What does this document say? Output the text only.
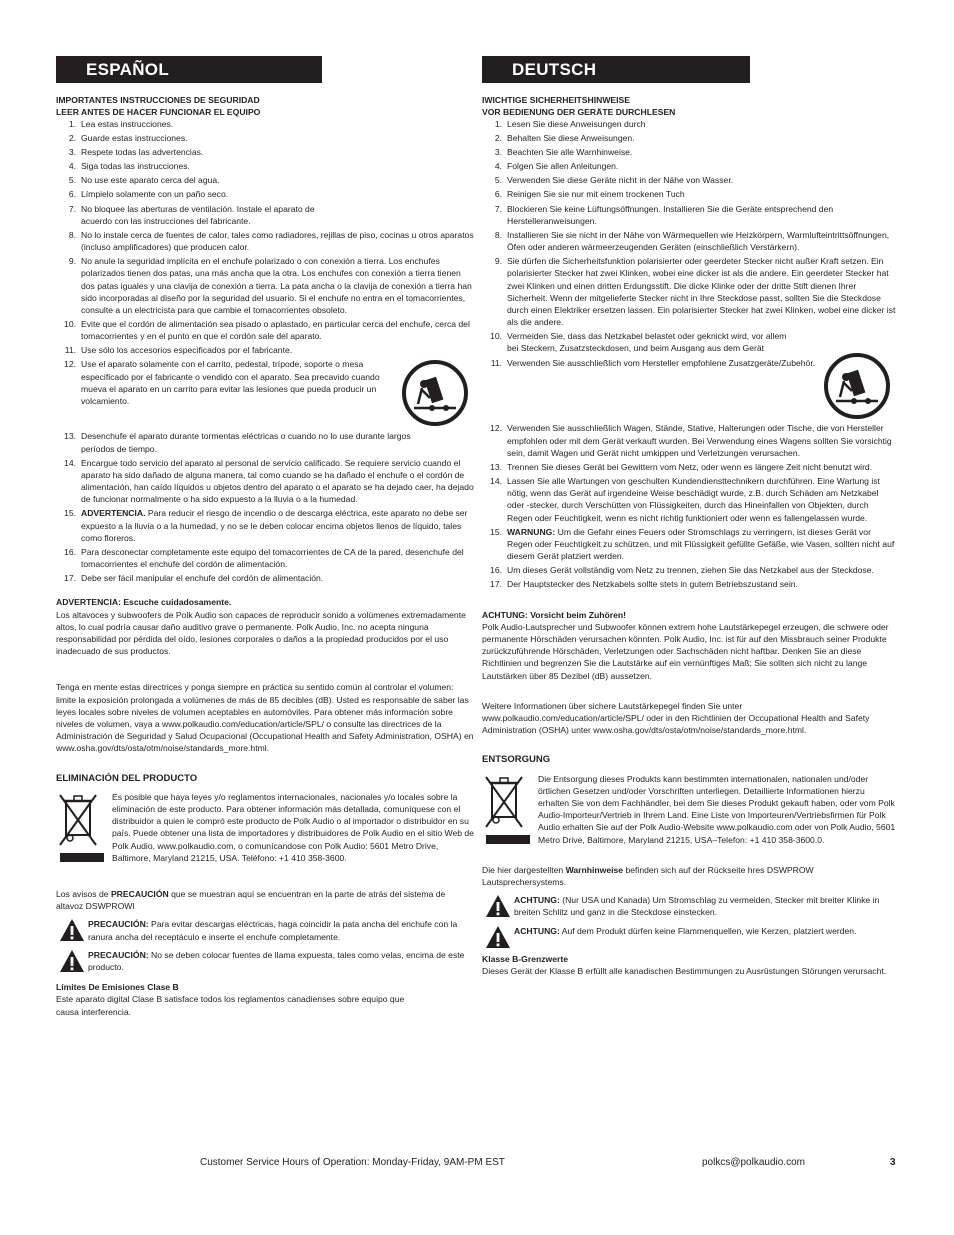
ESPAÑOL
IMPORTANTES INSTRUCCIONES DE SEGURIDAD
LEER ANTES DE HACER FUNCIONAR EL EQUIPO
1. Lea estas instrucciones.
2. Guarde estas instrucciones.
3. Respete todas las advertencias.
4. Siga todas las instrucciones.
5. No use este aparato cerca del agua.
6. Límpielo solamente con un paño seco.
7. No bloquee las aberturas de ventilación. Instale el aparato de acuerdo con las instrucciones del fabricante.
8. No lo instale cerca de fuentes de calor, tales como radiadores, rejillas de piso, cocinas u otros aparatos (incluso amplificadores) que producen calor.
9. No anule la seguridad implícita en el enchufe polarizado o con conexión a tierra. Los enchufes polarizados tienen dos patas, una más ancha que la otra. Los enchufes con conexión a tierra tienen dos patas iguales y una clavija de conexión a tierra. La pata ancha o la clavija de conexión a tierra han sido incorporadas al diseño por la seguridad del usuario. Si el enchufe no entra en el tomacorrientes, consulte a un electricista para que cambie el tomacorrientes obsoleto.
10. Evite que el cordón de alimentación sea pisado o aplastado, en particular cerca del enchufe, cerca del tomacorrientes y en el punto en que el cordón sale del aparato.
11. Use sólo los accesorios especificados por el fabricante.
12. Use el aparato solamente con el carrito, pedestal, trípode, soporte o mesa especificado por el fabricante o vendido con el aparato. Sea precavido cuando mueva el aparato en un carrito para evitar las lesiones que pueda producir un volcamiento.
13. Desenchufe el aparato durante tormentas eléctricas o cuando no lo use durante largos períodos de tiempo.
14. Encargue todo servicio del aparato al personal de servicio calificado. Se requiere servicio cuando el aparato ha sido dañado de alguna manera, tal como cuando se ha dañado el enchufe o el cordón de alimentación, han caído líquidos u objetos dentro del aparato o el aparato se ha dejado caer, ha dejado de funcionar normalmente o ha sido expuesto a la lluvia o a la humedad.
15. ADVERTENCIA. Para reducir el riesgo de incendio o de descarga eléctrica, este aparato no debe ser expuesto a la lluvia o a la humedad, y no se le deben colocar encima objetos llenos de líquido, tales como floreros.
16. Para desconectar completamente este equipo del tomacorrientes de CA de la pared, desenchufe del tomacorrientes el enchufe del cordón de alimentación.
17. Debe ser fácil manipular el enchufe del cordón de alimentación.
ADVERTENCIA: Escuche cuidadosamente.

Los altavoces y subwoofers de Polk Audio son capaces de reproducir sonido a volúmenes extremadamente altos, lo cual podría causar daño auditivo grave o permanente. Polk Audio, Inc. no acepta ninguna responsabilidad por pérdida del oído, lesiones corporales o daños a la propiedad producidos por el uso inadecuado de sus productos.

Tenga en mente estas directrices y ponga siempre en práctica su sentido común al controlar el volumen: limite la exposición prolongada a volúmenes de más de 85 decibles (dB). Usted es responsable de saber las leyes locales sobre niveles de volumen aceptables en automóviles. Para obtener más información sobre niveles de volumen, vaya a www.polkaudio.com/education/article/SPL/ o consulte las directrices de la Administración de Seguridad y Salud Ocupacional (Occupational Health and Safety Administration, OSHA) en www.osha.gov/dts/osta/otm/noise/standards_more.html.

ELIMINACIÓN DEL PRODUCTO

Es posible que haya leyes y/o reglamentos internacionales, nacionales y/o locales sobre la eliminación de este producto. Para obtener información más detallada, comuníquese con el distribuidor a quien le compró este producto de Polk Audio o al importador o distribuidor en su país. Puede obtener una lista de importadores y distribuidores de Polk Audio en el sitio Web de Polk Audio, www.polkaudio.com, o comunícandose con Polk Audio: 5601 Metro Drive, Baltimore, Maryland 21215, USA. Teléfono: +1 410 358-3600.

Los avisos de PRECAUCIÓN que se muestran aquí se encuentran en la parte de atrás del sistema de altavoz DSWPROWI

PRECAUCIÓN: Para evitar descargas eléctricas, haga coincidir la pata ancha del enchufe con la ranura ancha del receptáculo e inserte el enchufe completamente.

PRECAUCIÓN: No se deben colocar fuentes de llama expuesta, tales como velas, encima de este producto.

Límites De Emisiones Clase B

Este aparato digital Clase B satisface todos los reglamentos canadienses sobre equipo que causa interferencia.

DEUTSCH
IWICHTIGE SICHERHEITSHINWEISE
VOR BEDIENUNG DER GERÄTE DURCHLESEN
1. Lesen Sie diese Anweisungen durch
2. Behalten Sie diese Anweisungen.
3. Beachten Sie alle Warnhinweise.
4. Folgen Sie allen Anleitungen.
5. Verwenden Sie diese Geräte nicht in der Nähe von Wasser.
6. Reinigen Sie sie nur mit einem trockenen Tuch
7. Blockieren Sie keine Lüftungsöffnungen. Installieren Sie die Geräte entsprechend den Herstelleranweisungen.
8. Installieren Sie sie nicht in der Nähe von Wärmequellen wie Heizkörpern, Warmlufteintrittsöffnungen, Öfen oder anderen wärmeerzeugenden Geräten (einschließlich Verstärkern).
9. Sie dürfen die Sicherheitsfunktion polarisierter oder geerdeter Stecker nicht außer Kraft setzen. Ein polarisierter Stecker hat zwei Klinken, wobei eine dicker ist als die andere. Ein geerdeter Stecker hat zwei Klinken und einen dritten Erdungsstift. Die dicke Klinke oder der dritte Stift dienen Ihrer Sicherheit. Wenn der mitgelieferte Stecker nicht in Ihre Steckdose passt, sollten Sie die Steckdose durch einen Elektriker ersetzen lassen. Ein polarisierter Stecker hat zwei Klinken, wobei eine dicker ist als die andere.
10. Vermeiden Sie, dass das Netzkabel belastet oder geknickt wird, vor allem bei Steckern, Zusatzsteckdosen, und beim Ausgang aus dem Gerät
11. Verwenden Sie ausschließlich vom Hersteller empfohlene Zusatzgeräte/Zubehör.
12. Verwenden Sie ausschließlich Wagen, Stände, Stative, Halterungen oder Tische, die von Hersteller empfohlen oder mit dem Gerät verkauft wurden. Bei Verwendung eines Wagens sollten Sie vorsichtig sein, damit Wagen und Gerät nicht umkippen und Verletzungen verursachen.
13. Trennen Sie dieses Gerät bei Gewittern vom Netz, oder wenn es längere Zeit nicht benutzt wird.
14. Lassen Sie alle Wartungen von geschulten Kundendiensttechnikern durchführen. Eine Wartung ist nötig, wenn das Gerät auf irgendeine Weise beschädigt wurde, z.B. durch Schäden am Netzkabel oder -stecker, durch Verschütten von Flüssigkeiten, durch das Hineinfallen von Objekten, durch Regen oder Feuchtigkeit, wenn es nicht richtig funktioniert oder wenn es fallengelassen wurde.
15. WARNUNG: Um die Gefahr eines Feuers oder Stromschlags zu verringern, ist dieses Gerät vor Regen oder Feuchtigkeit zu schützen, und mit Flüssigkeit gefüllte Gefäße, wie Vasen, sollten nicht auf diesem Gerät platziert werden.
16. Um dieses Gerät vollständig vom Netz zu trennen, ziehen Sie das Netzkabel aus der Steckdose.
17. Der Hauptstecker des Netzkabels sollte stets in gutem Betriebszustand sein.
ACHTUNG: Vorsicht beim Zuhören!

Polk Audio-Lautsprecher und Subwoofer können extrem hohe Lautstärkepegel erzeugen, die schwere oder permanente Hörschäden verursachen könnten. Polk Audio, Inc. ist für auf den Missbrauch seiner Produkte zurückzuführende Hörschäden, Verletzungen oder Sachschäden nicht haftbar. Denken Sie an diese Richtlinien und begrenzen Sie die Lautstärke auf ein vernünftiges Maß: Sie sollten sich nicht zu lange Lautstärken über 85 Dezibel (dB) aussetzen.

Weitere Informationen über sichere Lautstärkepegel finden Sie unter www.polkaudio.com/education/article/SPL/ oder in den Richtlinien der Occupational Health and Safety Administration (OSHA) unter www.osha.gov/dts/osta/otm/noise/standards_more.html.

ENTSORGUNG

Die Entsorgung dieses Produkts kann bestimmten internationalen, nationalen und/oder örtlichen Gesetzen und/oder Vorschriften unterliegen. Detaillierte Informationen hierzu erhalten Sie von dem Fachhändler, bei dem Sie dieses Produkt gekauft haben, oder vom Polk Audio-Importeur/Vertrieb in Ihrem Land. Eine Liste von Importeuren/Vertriebsfirmen für Polk Audio erhalten Sie auf der Polk Audio-Website www.polkaudio.com oder von Polk Audio, 5601 Metro Drive, Baltimore, Maryland 21215, USA–Telefon: +1 410 358-3600.0.

Die hier dargestellten Warnhinweise befinden sich auf der Rückseite hres DSWPROW
Lautsprechersystems.

ACHTUNG: (Nur USA und Kanada) Um Stromschlag zu vermeiden, Stecker mit breiter Klinke in breiten Schlitz und ganz in die Steckdose einstecken.

ACHTUNG: Auf dem Produkt dürfen keine Flammenquellen, wie Kerzen, platziert werden.

Klasse B-Grenzwerte

Dieses Gerät der Klasse B erfüllt alle kanadischen Bestimmungen zu Ausrüstungen Störungen verursacht.

Customer Service Hours of Operation: Monday-Friday, 9AM-PM EST	polkcs@polkaudio.com	3
